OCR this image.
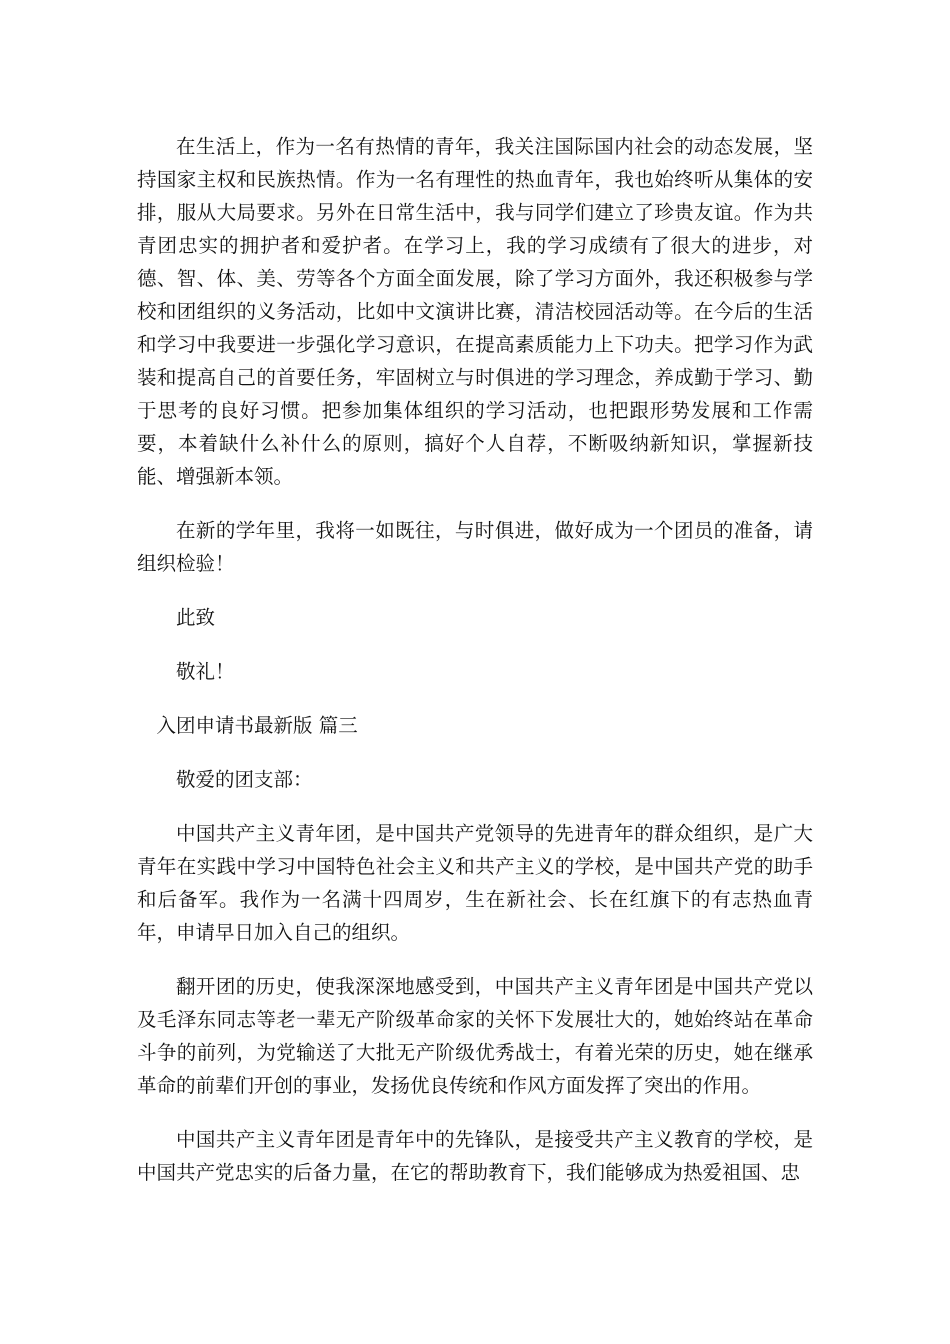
在生活上，作为一名有热情的青年，我关注国际国内社会的动态发展，坚持国家主权和民族热情。作为一名有理性的热血青年，我也始终听从集体的安排，服从大局要求。另外在日常生活中，我与同学们建立了珍贵友谊。作为共青团忠实的拥护者和爱护者。在学习上，我的学习成绩有了很大的进步，对德、智、体、美、劳等各个方面全面发展，除了学习方面外，我还积极参与学校和团组织的义务活动，比如中文演讲比赛，清洁校园活动等。在今后的生活和学习中我要进一步强化学习意识，在提高素质能力上下功夫。把学习作为武装和提高自己的首要任务，牢固树立与时俱进的学习理念，养成勤于学习、勤于思考的良好习惯。把参加集体组织的学习活动，也把跟形势发展和工作需要，本着缺什么补什么的原则，搞好个人自荐，不断吸纳新知识，掌握新技能、增强新本领。

在新的学年里，我将一如既往，与时俱进，做好成为一个团员的准备，请组织检验！

此致

敬礼！

入团申请书最新版 篇三

敬爱的团支部：

中国共产主义青年团，是中国共产党领导的先进青年的群众组织，是广大青年在实践中学习中国特色社会主义和共产主义的学校，是中国共产党的助手和后备军。我作为一名满十四周岁，生在新社会、长在红旗下的有志热血青年，申请早日加入自己的组织。

翻开团的历史，使我深深地感受到，中国共产主义青年团是中国共产党以及毛泽东同志等老一辈无产阶级革命家的关怀下发展壮大的，她始终站在革命斗争的前列，为党输送了大批无产阶级优秀战士，有着光荣的历史，她在继承革命的前辈们开创的事业，发扬优良传统和作风方面发挥了突出的作用。

中国共产主义青年团是青年中的先锋队，是接受共产主义教育的学校，是中国共产党忠实的后备力量，在它的帮助教育下，我们能够成为热爱祖国、忠
